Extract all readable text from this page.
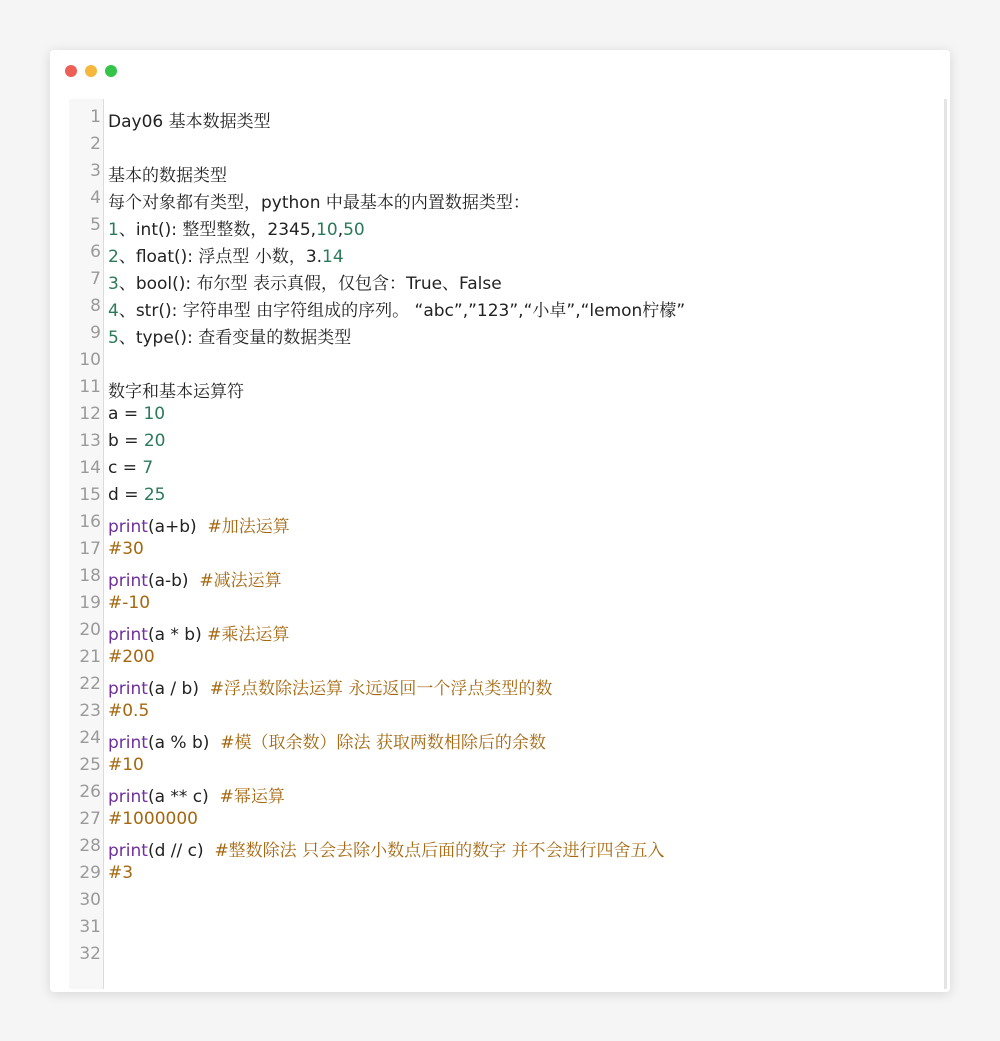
1 Day06 基本数据类型
2
3 基本的数据类型
4 每个对象都有类型，python 中最基本的内置数据类型：
5 1、int(): 整型整数，2345,10,50
6 2、float(): 浮点型 小数，3.14
7 3、bool(): 布尔型 表示真假，仅包含：True、False
8 4、str(): 字符串型 由字符组成的序列。 “abc”,”123”,“小卓”,“lemon柠檬”
9 5、type(): 查看变量的数据类型
10
11 数字和基本运算符
12 a = 10
13 b = 20
14 c = 7
15 d = 25
16 print(a+b)  #加法运算
17 #30
18 print(a-b)  #减法运算
19 #-10
20 print(a * b) #乘法运算
21 #200
22 print(a / b)  #浮点数除法运算 永远返回一个浮点类型的数
23 #0.5
24 print(a % b)  #模（取余数）除法 获取两数相除后的余数
25 #10
26 print(a ** c)  #幂运算
27 #1000000
28 print(d // c)  #整数除法 只会去除小数点后面的数字 并不会进行四舍五入
29 #3
30
31
32
